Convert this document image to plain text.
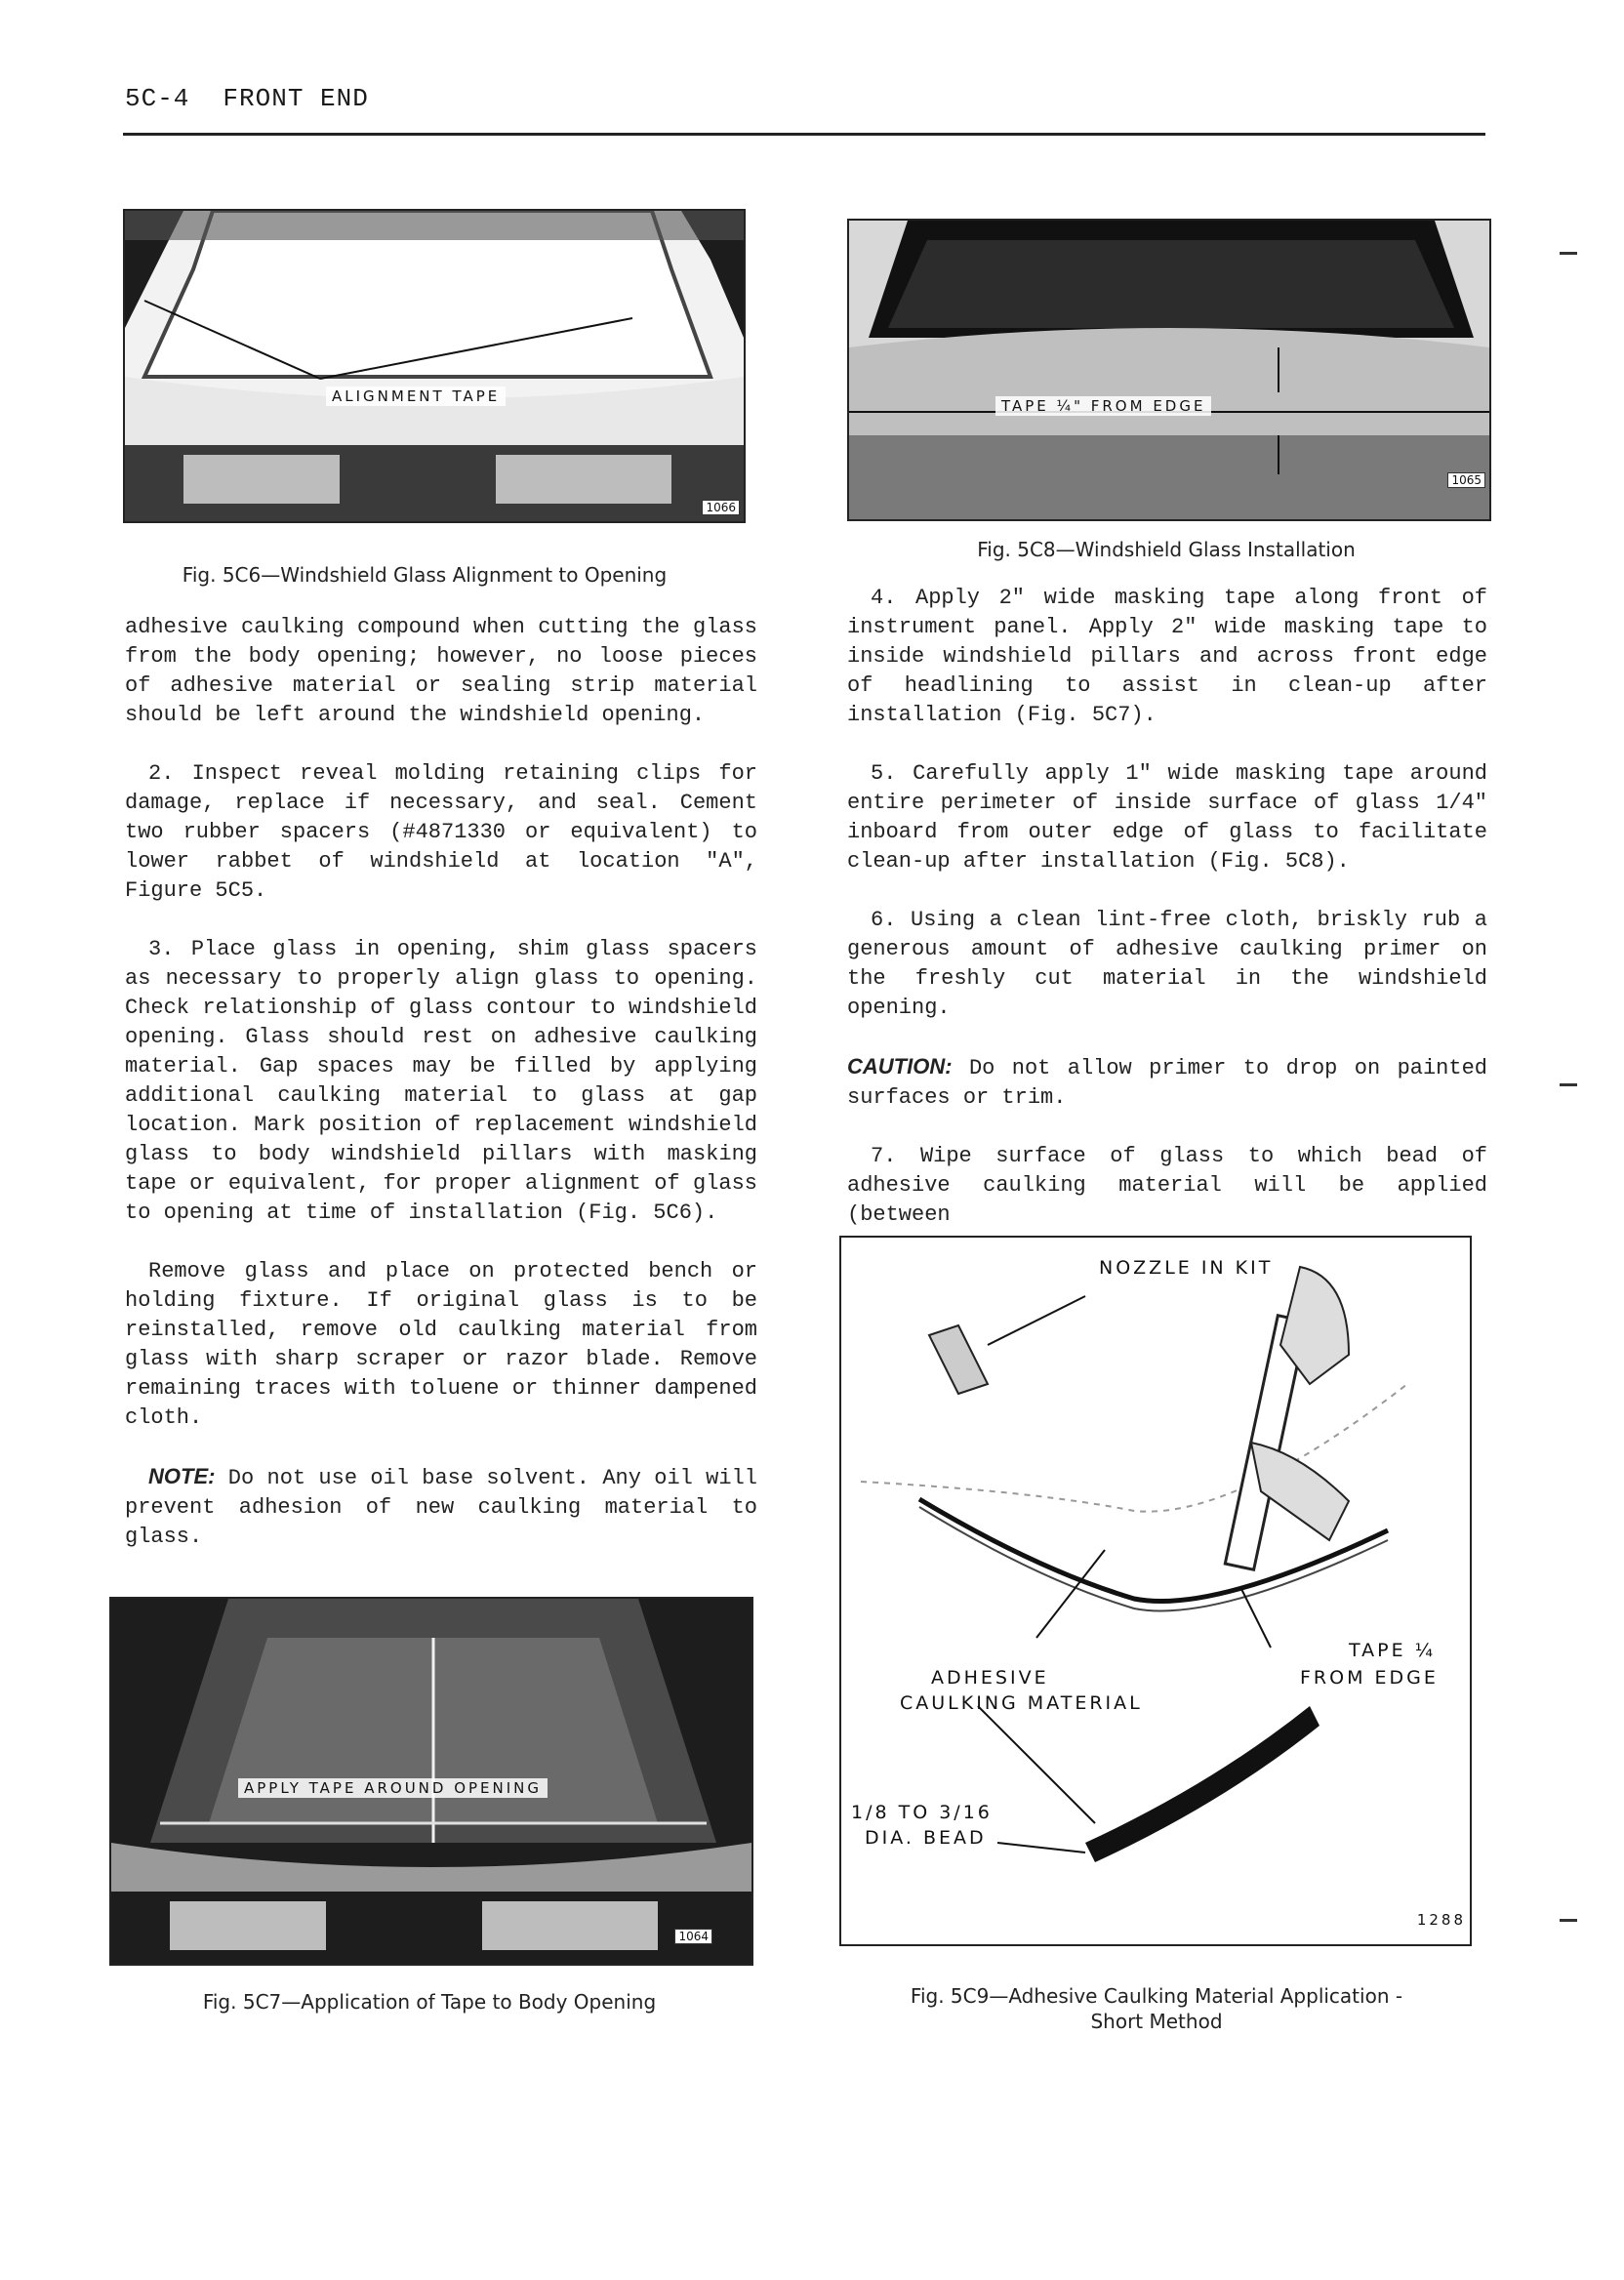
5C-4 FRONT END
ALIGNMENT TAPE
1066
Fig. 5C6—Windshield Glass Alignment to Opening
TAPE ¼" FROM EDGE
1065
Fig. 5C8—Windshield Glass Installation

adhesive caulking compound when cutting the glass from the body opening; however, no loose pieces of adhesive material or sealing strip material should be left around the windshield opening.

2. Inspect reveal molding retaining clips for damage, replace if necessary, and seal. Cement two rubber spacers (#4871330 or equivalent) to lower rabbet of windshield at location "A", Figure 5C5.

3. Place glass in opening, shim glass spacers as necessary to properly align glass to opening. Check relationship of glass contour to windshield opening. Glass should rest on adhesive caulking material. Gap spaces may be filled by applying additional caulking material to glass at gap location. Mark position of replacement windshield glass to body windshield pillars with masking tape or equivalent, for proper alignment of glass to opening at time of installation (Fig. 5C6).

Remove glass and place on protected bench or holding fixture. If original glass is to be reinstalled, remove old caulking material from glass with sharp scraper or razor blade. Remove remaining traces with toluene or thinner dampened cloth.

NOTE: Do not use oil base solvent. Any oil will prevent adhesion of new caulking material to glass.

4. Apply 2" wide masking tape along front of instrument panel. Apply 2" wide masking tape to inside windshield pillars and across front edge of headlining to assist in clean-up after installation (Fig. 5C7).

5. Carefully apply 1" wide masking tape around entire perimeter of inside surface of glass 1/4" inboard from outer edge of glass to facilitate clean-up after installation (Fig. 5C8).

6. Using a clean lint-free cloth, briskly rub a generous amount of adhesive caulking primer on the freshly cut material in the windshield opening.

CAUTION: Do not allow primer to drop on painted surfaces or trim.

7. Wipe surface of glass to which bead of adhesive caulking material will be applied (between

NOZZLE IN KIT
TAPE ¼
FROM EDGE
ADHESIVE
CAULKING MATERIAL
1/8 TO 3/16
DIA. BEAD
1288
Fig. 5C9—Adhesive Caulking Material Application -
Short Method
APPLY TAPE AROUND OPENING
1064
Fig. 5C7—Application of Tape to Body Opening
